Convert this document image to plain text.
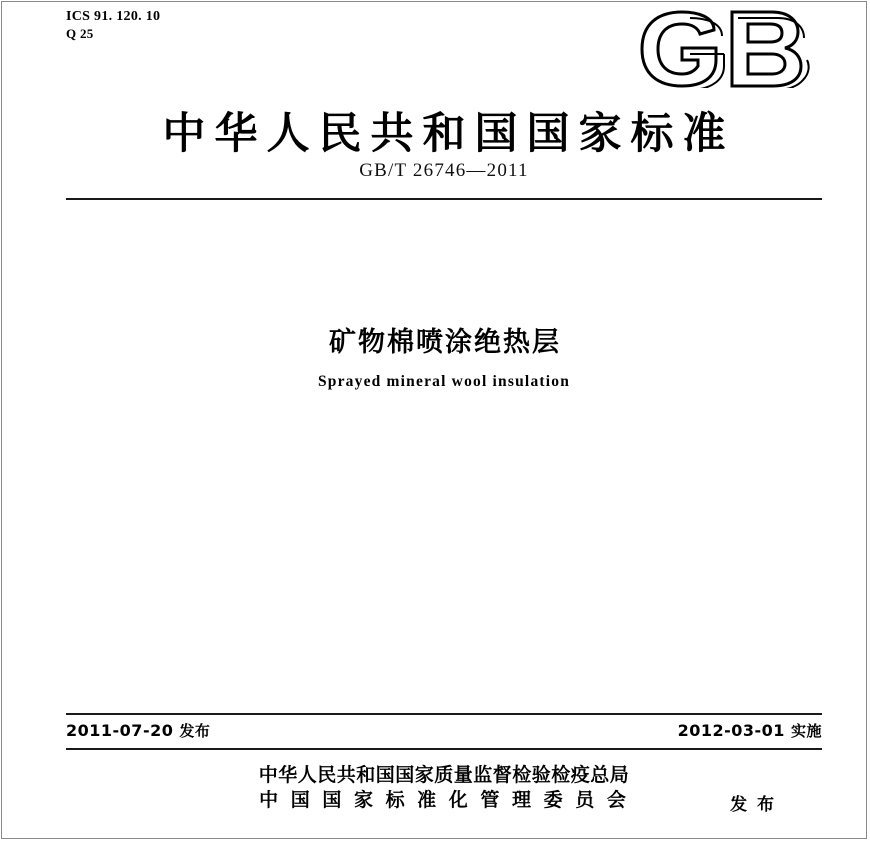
ICS 91. 120. 10
Q 25
中华人民共和国国家标准
GB/T 26746—2011
矿物棉喷涂绝热层
Sprayed mineral wool insulation
2011-07-20 发布	2012-03-01 实施
中华人民共和国国家质量监督检验检疫总局
中 国 国 家 标 准 化 管 理 委 员 会	发 布
